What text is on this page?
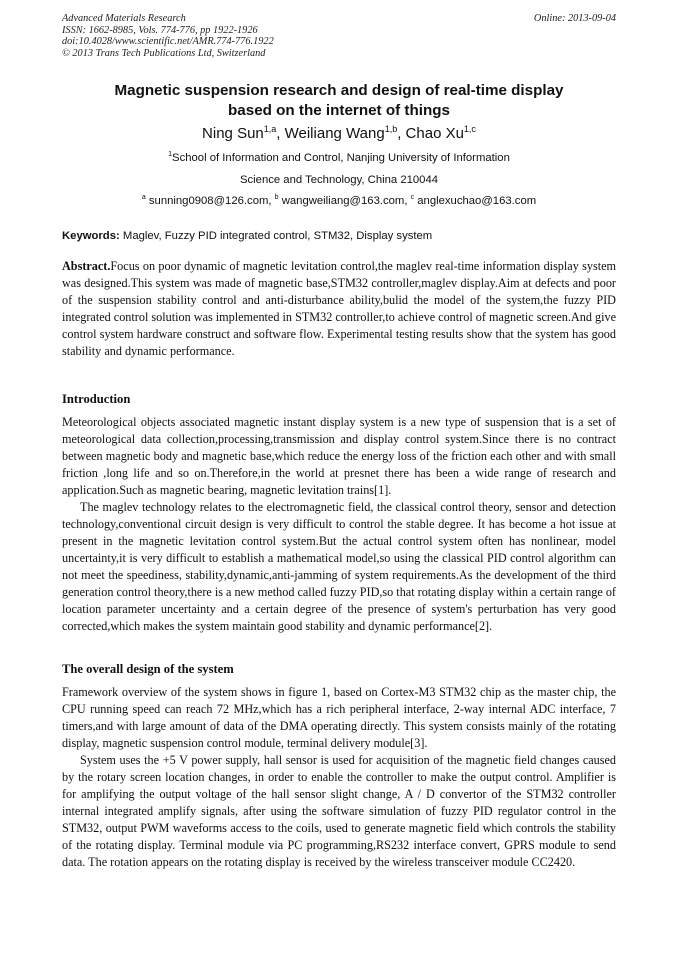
Advanced Materials Research
ISSN: 1662-8985, Vols. 774-776, pp 1922-1926
doi:10.4028/www.scientific.net/AMR.774-776.1922
© 2013 Trans Tech Publications Ltd, Switzerland
Online: 2013-09-04
Magnetic suspension research and design of real-time display
based on the internet of things
Ning Sun$^{1,a}$, Weiliang Wang$^{1,b}$, Chao Xu$^{1,c}$
$^1$School of Information and Control, Nanjing University of Information
Science and Technology, China 210044
$^a$ sunning0908@126.com, $^b$ wangweiliang@163.com, $^c$ anglexuchao@163.com
Keywords: Maglev, Fuzzy PID integrated control, STM32, Display system

Abstract.Focus on poor dynamic of magnetic levitation control,the maglev real-time information display system was designed.This system was made of magnetic base,STM32 controller,maglev display.Aim at defects and poor of the suspension stability control and anti-disturbance ability,bulid the model of the system,the fuzzy PID integrated control solution was implemented in STM32 controller,to achieve control of magnetic screen.And give control system hardware construct and software flow. Experimental testing results show that the system has good stability and dynamic performance.

Introduction

Meteorological objects associated magnetic instant display system is a new type of suspension that is a set of meteorological data collection,processing,transmission and display control system.Since there is no contract between magnetic body and magnetic base,which reduce the energy loss of the friction each other and with small friction ,long life and so on.Therefore,in the world at presnet there has been a wide range of research and application.Such as magnetic bearing, magnetic levitation trains[1].

The maglev technology relates to the electromagnetic field, the classical control theory, sensor and detection technology,conventional circuit design is very difficult to control the stable degree. It has become a hot issue at present in the magnetic levitation control system.But the actual control system often has nonlinear, model uncertainty,it is very difficult to establish a mathematical model,so using the classical PID control algorithm can not meet the speediness, stability,dynamic,anti-jamming of system requirements.As the development of the third generation control theory,there is a new method called fuzzy PID,so that rotating display within a certain range of location parameter uncertainty and a certain degree of the presence of system's perturbation has very good corrected,which makes the system maintain good stability and dynamic performance[2].

The overall design of the system

Framework overview of the system shows in figure 1, based on Cortex-M3 STM32 chip as the master chip, the CPU running speed can reach 72 MHz,which has a rich peripheral interface, 2-way internal ADC interface, 7 timers,and with large amount of data of the DMA operating directly. This system consists mainly of the rotating display, magnetic suspension control module, terminal delivery module[3].

System uses the +5 V power supply, hall sensor is used for acquisition of the magnetic field changes caused by the rotary screen location changes, in order to enable the controller to make the output control. Amplifier is for amplifying the output voltage of the hall sensor slight change, A / D convertor of the STM32 controller internal integrated amplify signals, after using the software simulation of fuzzy PID regulator control in the STM32, output PWM waveforms access to the coils, used to generate magnetic field which controls the stability of the rotating display. Terminal module via PC programming,RS232 interface convert, GPRS module to send data. The rotation appears on the rotating display is received by the wireless transceiver module CC2420.
